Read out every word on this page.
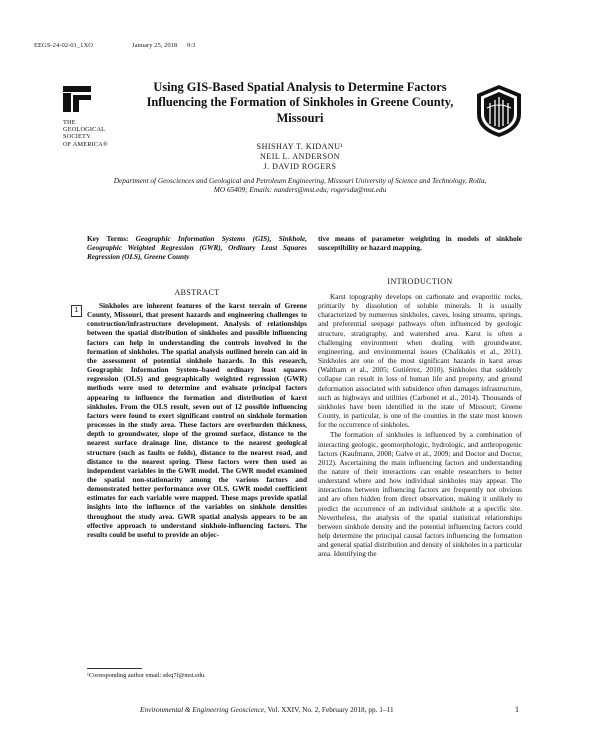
EEGS-24-02-01_1XO	January 25, 2018 9:3
THE
GEOLOGICAL
SOCIETY
OF AMERICA®
Using GIS-Based Spatial Analysis to Determine Factors Influencing the Formation of Sinkholes in Greene County, Missouri
SHISHAY T. KIDANU¹
NEIL L. ANDERSON
J. DAVID ROGERS
Department of Geosciences and Geological and Petroleum Engineering, Missouri University of Science and Technology, Rolla, MO 65409; Emails: nanders@mst.edu; rogersda@mst.edu
Key Terms: Geographic Information Systems (GIS), Sinkhole, Geographic Weighted Regression (GWR), Ordinary Least Squares Regression (OLS), Greene County
ABSTRACT
1

Sinkholes are inherent features of the karst terrain of Greene County, Missouri, that present hazards and engineering challenges to construction/infrastructure development. Analysis of relationships between the spatial distribution of sinkholes and possible influencing factors can help in understanding the controls involved in the formation of sinkholes. The spatial analysis outlined herein can aid in the assessment of potential sinkhole hazards. In this research, Geographic Information System–based ordinary least squares regression (OLS) and geographically weighted regression (GWR) methods were used to determine and evaluate principal factors appearing to influence the formation and distribution of karst sinkholes. From the OLS result, seven out of 12 possible influencing factors were found to exert significant control on sinkhole formation processes in the study area. These factors are overburden thickness, depth to groundwater, slope of the ground surface, distance to the nearest surface drainage line, distance to the nearest geological structure (such as faults or folds), distance to the nearest road, and distance to the nearest spring. These factors were then used as independent variables in the GWR model. The GWR model examined the spatial non-stationarity among the various factors and demonstrated better performance over OLS. GWR model coefficient estimates for each variable were mapped. These maps provide spatial insights into the influence of the variables on sinkhole densities throughout the study area. GWR spatial analysis appears to be an effective approach to understand sinkhole-influencing factors. The results could be useful to provide an objec-

tive means of parameter weighting in models of sinkhole susceptibility or hazard mapping.
INTRODUCTION

Karst topography develops on carbonate and evaporitic rocks, primarily by dissolution of soluble minerals. It is usually characterized by numerous sinkholes, caves, losing streams, springs, and preferential seepage pathways often influenced by geologic structure, stratigraphy, and watershed area. Karst is often a challenging environment when dealing with groundwater, engineering, and environmental issues (Chalikakis et al., 2011). Sinkholes are one of the most significant hazards in karst areas (Waltham et al., 2005; Gutiérrez, 2010). Sinkholes that suddenly collapse can result in loss of human life and property, and ground deformation associated with subsidence often damages infrastructure, such as highways and utilities (Carbonel et al., 2014). Thousands of sinkholes have been identified in the state of Missouri; Greene County, in particular, is one of the counties in the state most known for the occurrence of sinkholes.

The formation of sinkholes is influenced by a combination of interacting geologic, geomorphologic, hydrologic, and anthropogenic factors (Kaufmann, 2008; Galve et al., 2009; and Doctor and Doctor, 2012). Ascertaining the main influencing factors and understanding the nature of their interactions can enable researchers to better understand where and how individual sinkholes may appear. The interactions between influencing factors are frequently not obvious and are often hidden from direct observation, making it unlikely to predict the occurrence of an individual sinkhole at a specific site. Nevertheless, the analysis of the spatial statistical relationships between sinkhole density and the potential influencing factors could help determine the principal causal factors influencing the formation and general spatial distribution and density of sinkholes in a particular area. Identifying the

¹Corresponding author email: stkq7f@mst.edu.
Environmental & Engineering Geoscience, Vol. XXIV, No. 2, February 2018, pp. 1–11	1
